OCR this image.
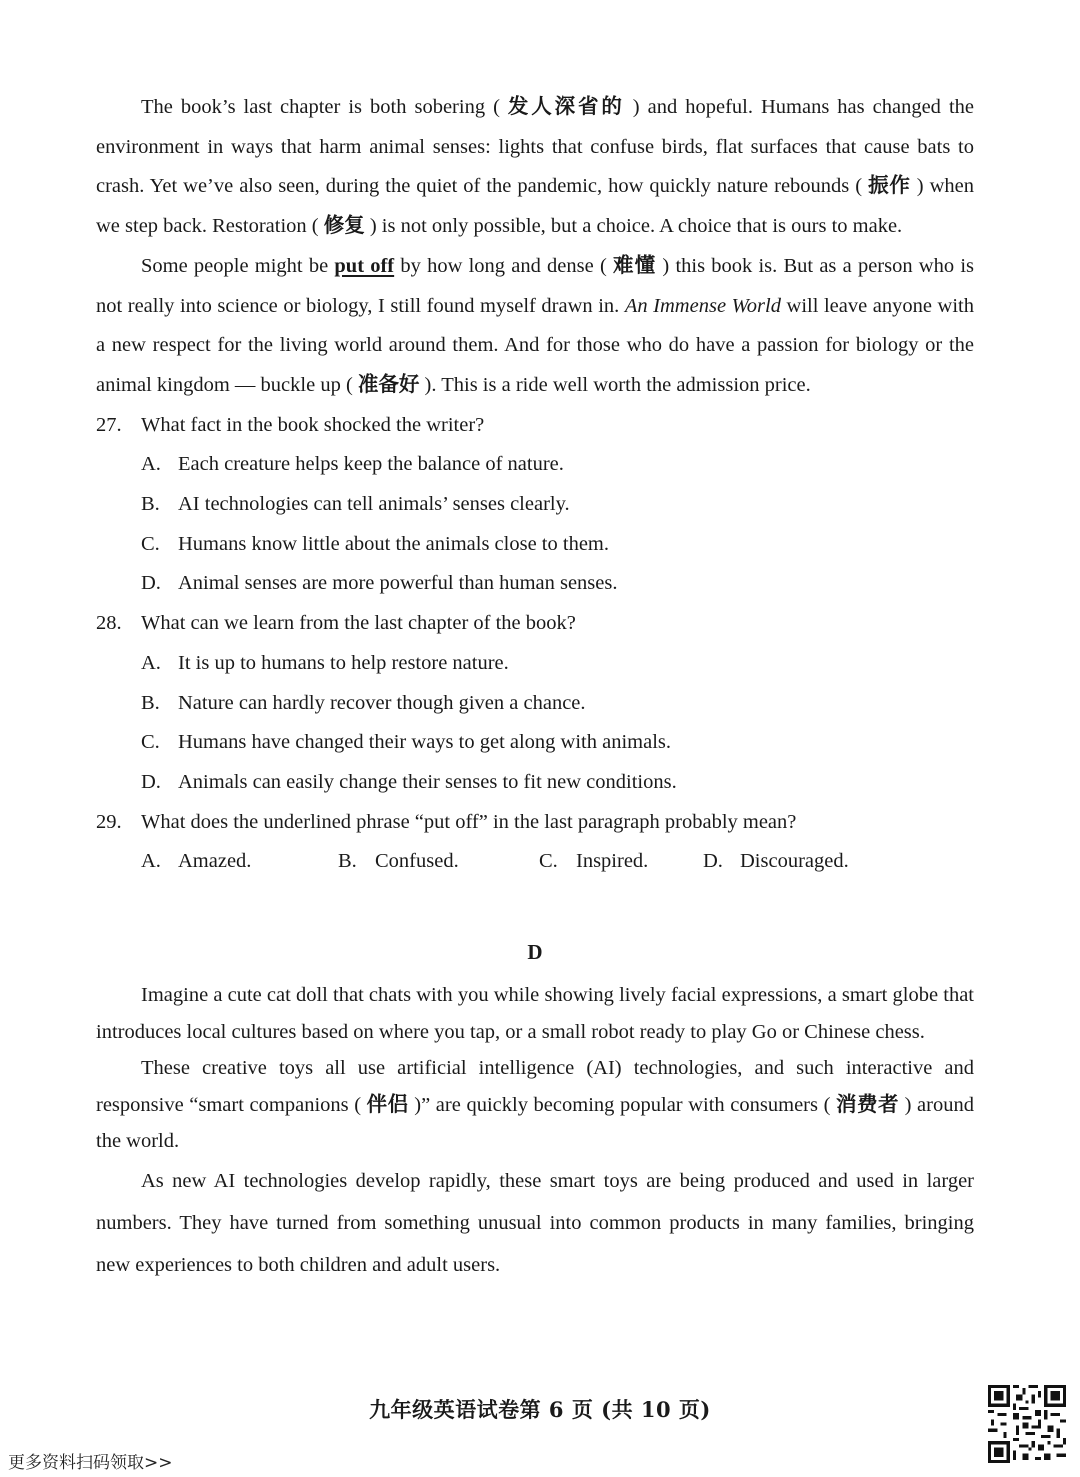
The book’s last chapter is both sobering ( 发人深省的 ) and hopeful. Humans has changed the environment in ways that harm animal senses: lights that confuse birds, flat surfaces that cause bats to crash. Yet we’ve also seen, during the quiet of the pandemic, how quickly nature rebounds ( 振作 ) when we step back. Restoration ( 修复 ) is not only possible, but a choice. A choice that is ours to make.

Some people might be put off by how long and dense ( 难懂 ) this book is. But as a person who is not really into science or biology, I still found myself drawn in. An Immense World will leave anyone with a new respect for the living world around them. And for those who do have a passion for biology or the animal kingdom — buckle up ( 准备好 ). This is a ride well worth the admission price.

27. What fact in the book shocked the writer?

A. Each creature helps keep the balance of nature.

B. AI technologies can tell animals’ senses clearly.

C. Humans know little about the animals close to them.

D. Animal senses are more powerful than human senses.

28. What can we learn from the last chapter of the book?

A. It is up to humans to help restore nature.

B. Nature can hardly recover though given a chance.

C. Humans have changed their ways to get along with animals.

D. Animals can easily change their senses to fit new conditions.

29. What does the underlined phrase “put off” in the last paragraph probably mean?

A. Amazed.	B. Confused.	C. Inspired.	D. Discouraged.
D

Imagine a cute cat doll that chats with you while showing lively facial expressions, a smart globe that introduces local cultures based on where you tap, or a small robot ready to play Go or Chinese chess.

These creative toys all use artificial intelligence (AI) technologies, and such interactive and responsive “smart companions ( 伴侣 )” are quickly becoming popular with consumers ( 消费者 ) around the world.

As new AI technologies develop rapidly, these smart toys are being produced and used in larger numbers. They have turned from something unusual into common products in many families, bringing new experiences to both children and adult users.

九年级英语试卷第 6 页 (共 10 页)
更多资料扫码领取>>
